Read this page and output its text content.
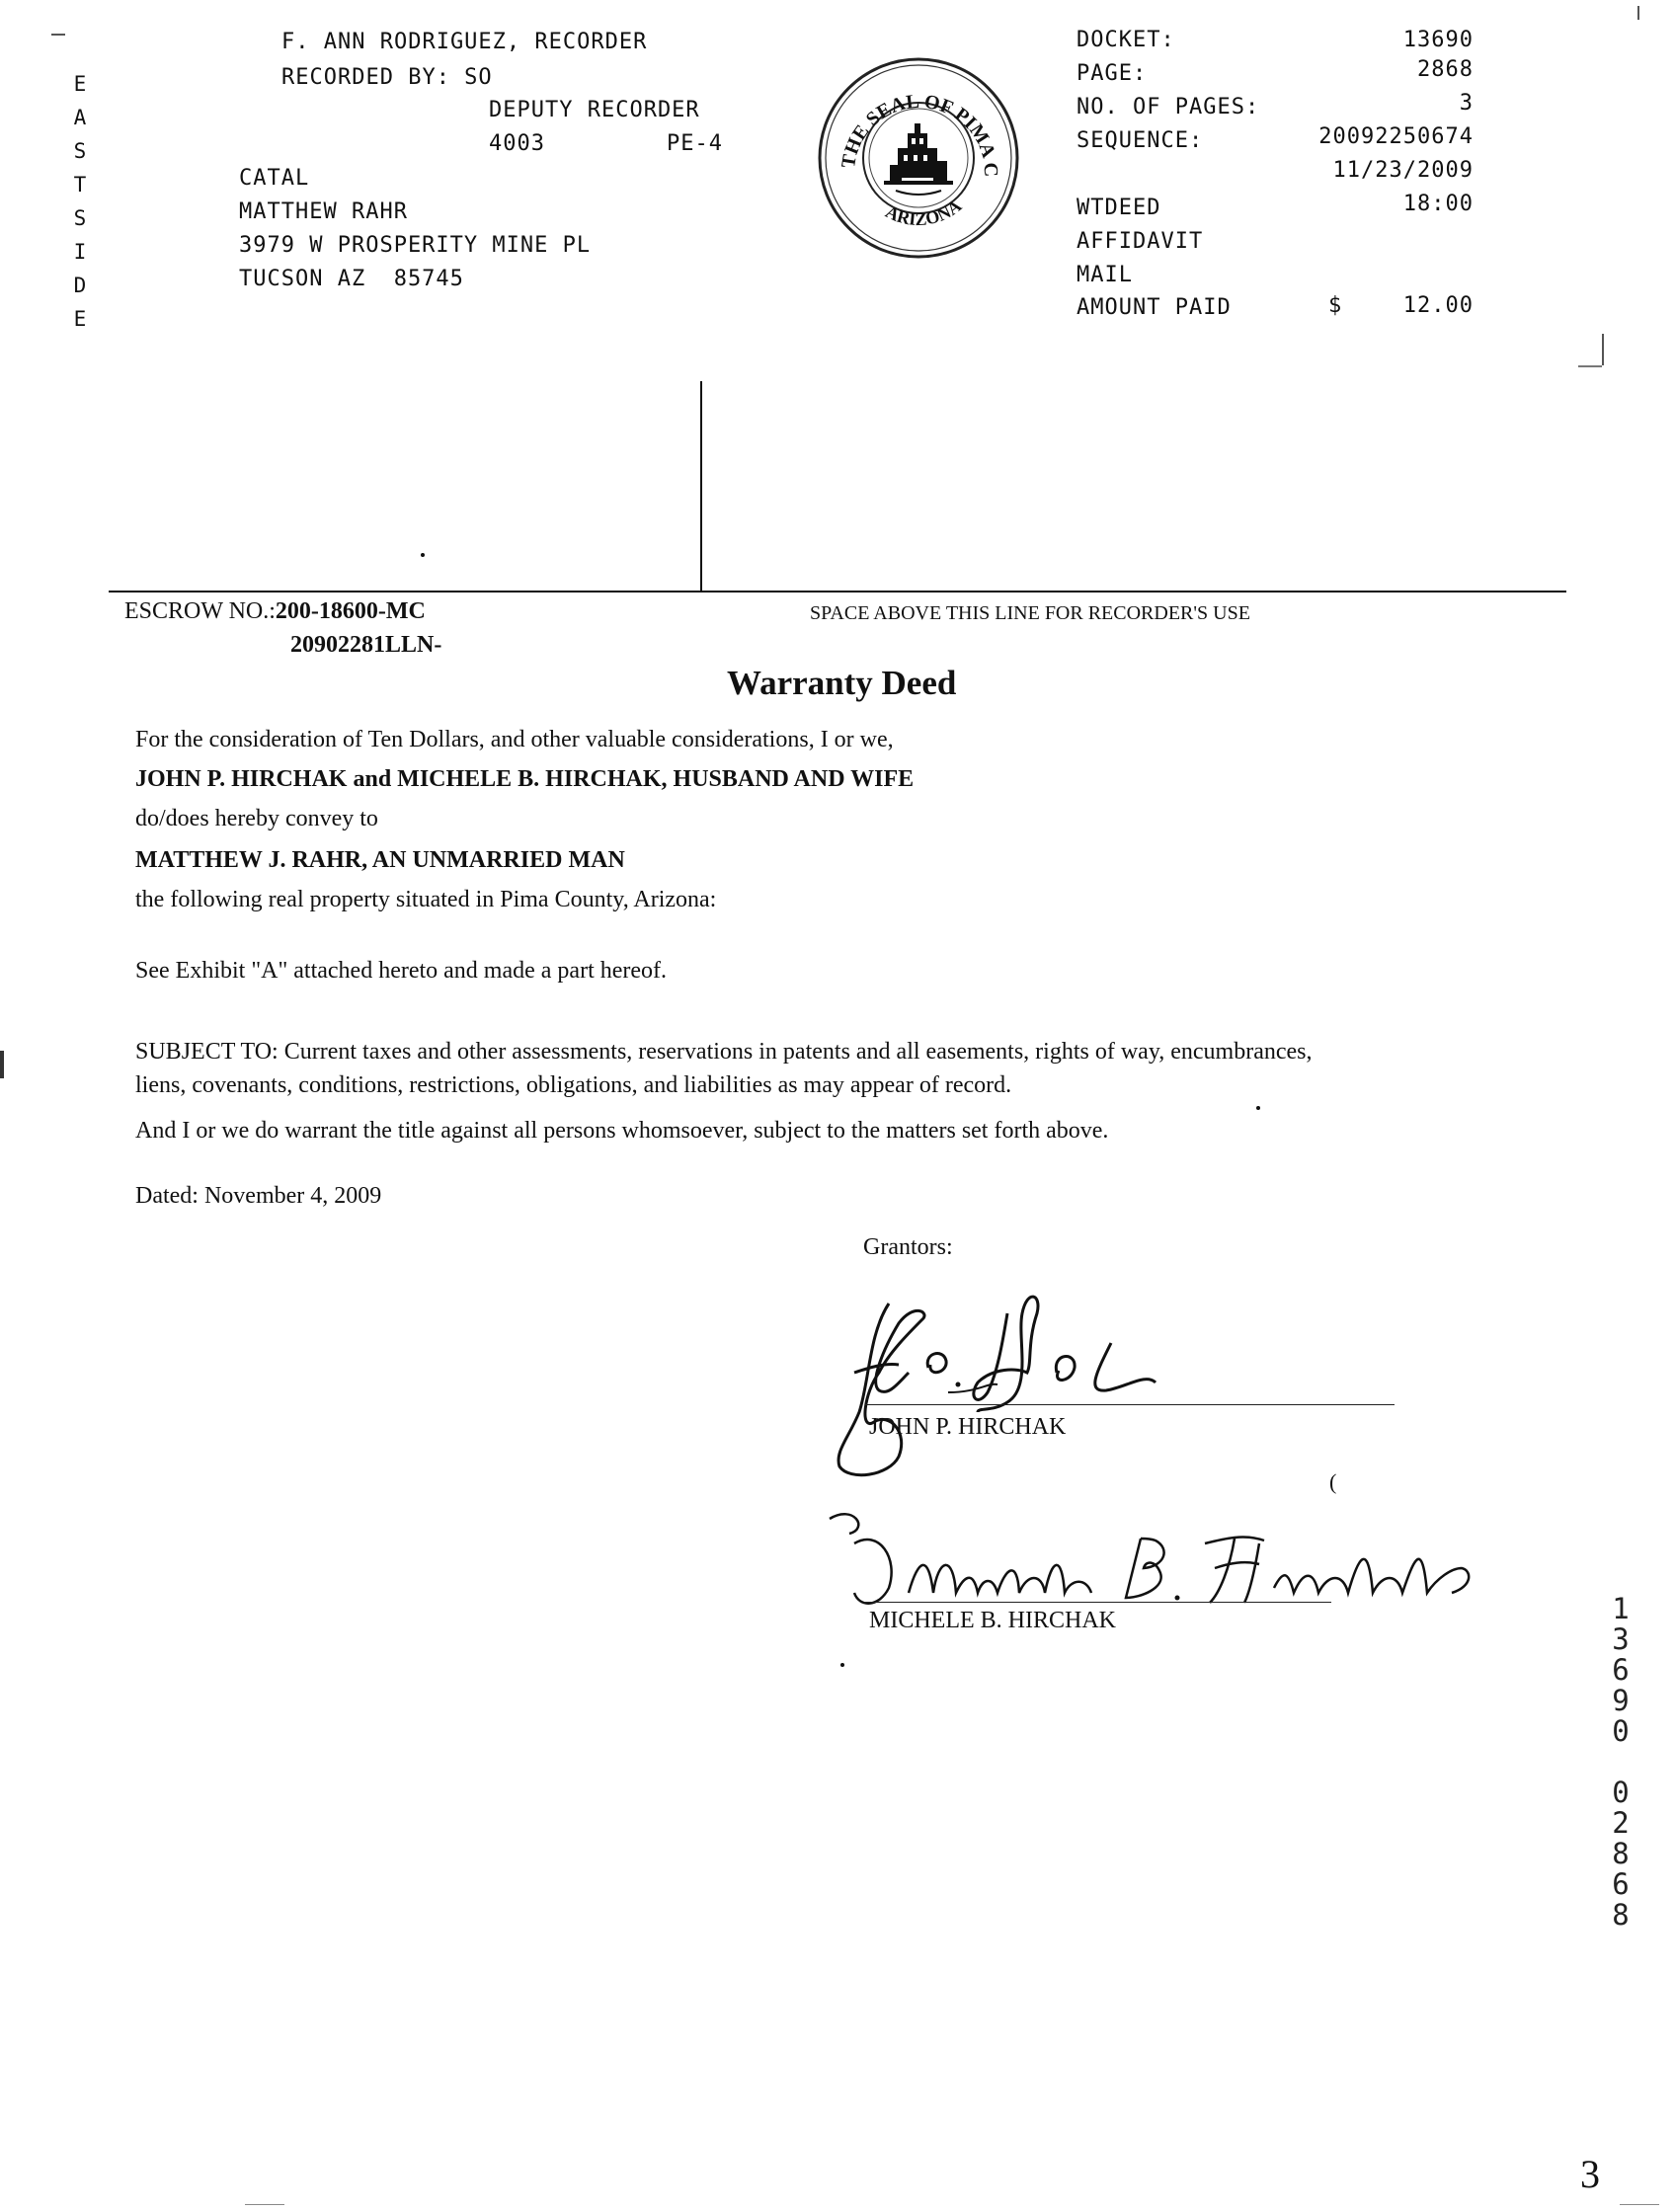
E
A
S
T
S
I
D
E
F. ANN RODRIGUEZ, RECORDER
RECORDED BY: SO
DEPUTY RECORDER
4003	PE-4
CATAL
MATTHEW RAHR
3979 W PROSPERITY MINE PL
TUCSON AZ  85745
THE SEAL OF PIMA C
ARIZONA
DOCKET:	13690
PAGE:	2868
NO. OF PAGES:	3
SEQUENCE:	20092250674
11/23/2009
WTDEED	18:00
AFFIDAVIT
MAIL
AMOUNT PAID	$	12.00
ESCROW NO.:200-18600-MC
20902281LLN-
SPACE ABOVE THIS LINE FOR RECORDER'S USE
Warranty Deed
For the consideration of Ten Dollars, and other valuable considerations, I or we,
JOHN P. HIRCHAK and MICHELE B. HIRCHAK, HUSBAND AND WIFE
do/does hereby convey to
MATTHEW J. RAHR, AN UNMARRIED MAN
the following real property situated in Pima County, Arizona:
See Exhibit "A" attached hereto and made a part hereof.
SUBJECT TO: Current taxes and other assessments, reservations in patents and all easements, rights of way, encumbrances,
liens, covenants, conditions, restrictions, obligations, and liabilities as may appear of record.
And I or we do warrant the title against all persons whomsoever, subject to the matters set forth above.
Dated: November 4, 2009
Grantors:
JOHN P. HIRCHAK
(
MICHELE B. HIRCHAK	1
3
6
9
0
0
2
8
6
8
3
